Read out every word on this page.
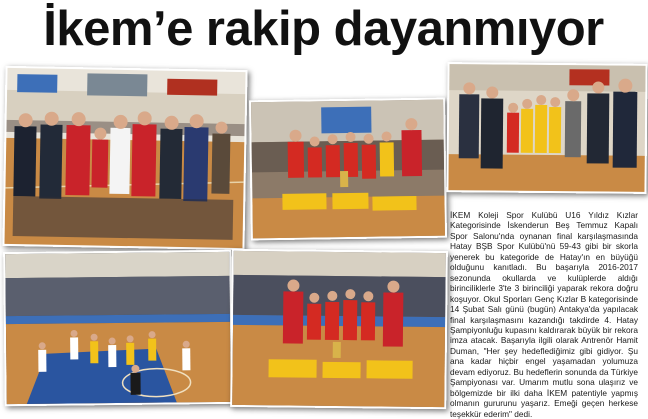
İkem’e rakip dayanmıyor
İKEM Koleji Spor Kulübü U16 Yıldız Kızlar Kategorisinde İskenderun Beş Temmuz Kapalı Spor Salonu'nda oynanan final karşılaşmasında Hatay BŞB Spor Kulübü'nü 59-43 gibi bir skorla yenerek bu kategoride de Hatay'ın en büyüğü olduğunu kanıtladı. Bu başarıyla 2016-2017 sezonunda okullarda ve kulüplerde aldığı birinciliklerle 3'te 3 birinciliği yaparak rekora doğru koşuyor. Okul Sporları Genç Kızlar B kategorisinde 14 Şubat Salı günü (bugün) Antakya'da yapılacak final karşılaşmasını kazandığı takdirde 4. Hatay Şampiyonluğu kupasını kaldırarak büyük bir rekora imza atacak. Başarıyla ilgili olarak Antrenör Hamit Duman, "Her şey hedeflediğimiz gibi gidiyor. Şu ana kadar hiçbir engel yaşamadan yolumuza devam ediyoruz. Bu hedeflerin sonunda da Türkiye Şampiyonası var. Umarım mutlu sona ulaşırız ve bölgemizde bir ilki daha İKEM patentiyle yapmış olmanın gururunu yaşarız. Emeği geçen herkese teşekkür ederim" dedi.
